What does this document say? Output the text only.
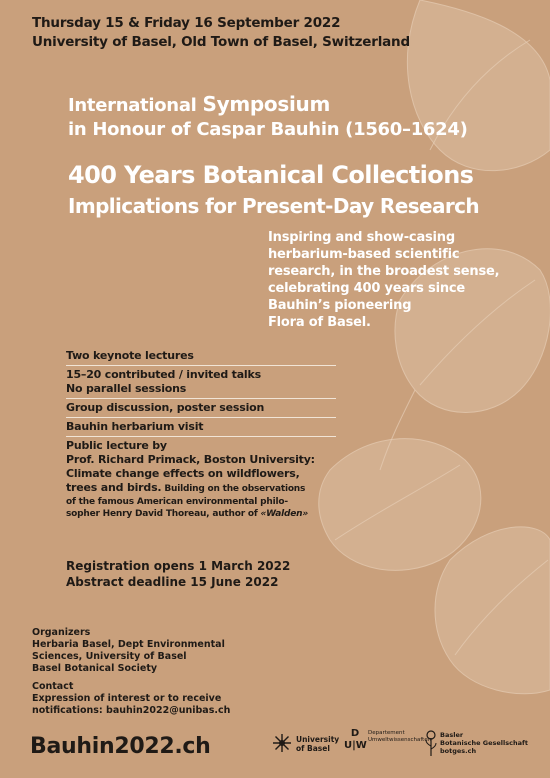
Thursday 15 & Friday 16 September 2022
University of Basel, Old Town of Basel, Switzerland
International Symposium
in Honour of Caspar Bauhin (1560–1624)
400 Years Botanical Collections
Implications for Present-Day Research
Inspiring and show-casing
herbarium-based scientific
research, in the broadest sense,
celebrating 400 years since
Bauhin’s pioneering
Flora of Basel.
Two keynote lectures
15–20 contributed / invited talks
No parallel sessions
Group discussion, poster session
Bauhin herbarium visit
Public lecture by
Prof. Richard Primack, Boston University:
Climate change effects on wildflowers,
trees and birds. Building on the observations
of the famous American environmental philo-
sopher Henry David Thoreau, author of «Walden»
Registration opens 1 March 2022
Abstract deadline 15 June 2022
Organizers
Herbaria Basel, Dept Environmental
Sciences, University of Basel
Basel Botanical Society
Contact
Expression of interest or to receive
notifications: bauhin2022@unibas.ch
Bauhin2022.ch	University
of Basel
D
U|W
Departement
Umweltwissenschaften
Basler
Botanische Gesellschaft
botges.ch
